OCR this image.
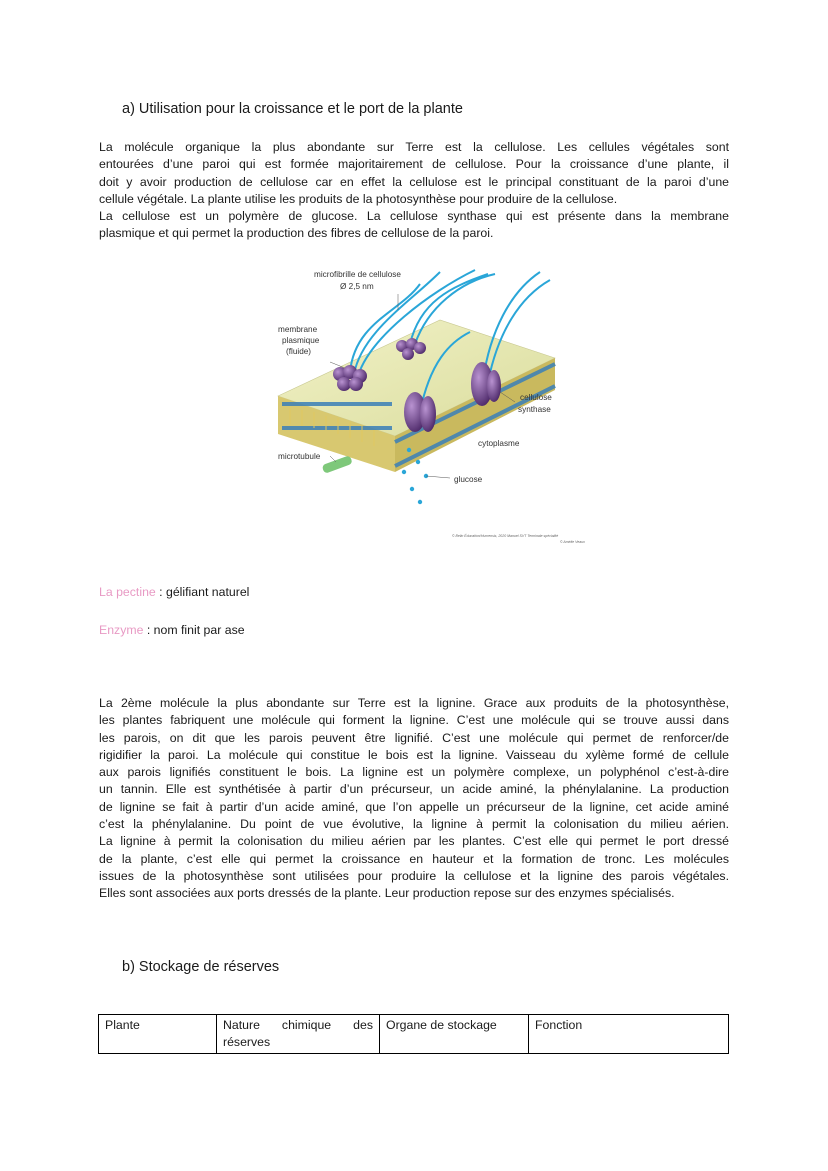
a) Utilisation pour la croissance et le port de la plante

La molécule organique la plus abondante sur Terre est la cellulose. Les cellules végétales sont
entourées d’une paroi qui est formée majoritairement de cellulose. Pour la croissance d’une plante, il
doit y avoir production de cellulose car en effet la cellulose est le principal constituant de la paroi d’une
cellule végétale. La plante utilise les produits de la photosynthèse pour produire de la cellulose.
La cellulose est un polymère de glucose. La cellulose synthase qui est présente dans la membrane
plasmique et qui permet la production des fibres de cellulose de la paroi.

microfibrille de cellulose
Ø 2,5 nm
membrane
plasmique
(fluide)
cellulose
synthase
cytoplasme
microtubule
glucose
© Belin Éducation/Humensis, 2020 Manuel SVT Terminale spécialité
© Amélie Veaux
La pectine : gélifiant naturel
Enzyme : nom finit par ase

La 2ème molécule la plus abondante sur Terre est la lignine. Grace aux produits de la photosynthèse,
les plantes fabriquent une molécule qui forment la lignine. C’est une molécule qui se trouve aussi dans
les parois, on dit que les parois peuvent être lignifié. C’est une molécule qui permet de renforcer/de
rigidifier la paroi. La molécule qui constitue le bois est la lignine. Vaisseau du xylème formé de cellule
aux parois lignifiés constituent le bois. La lignine est un polymère complexe, un polyphénol c’est-à-dire
un tannin. Elle est synthétisée à partir d’un précurseur, un acide aminé, la phénylalanine. La production
de lignine se fait à partir d’un acide aminé, que l’on appelle un précurseur de la lignine, cet acide aminé
c’est la phénylalanine. Du point de vue évolutive, la lignine à permit la colonisation du milieu aérien.
La lignine à permit la colonisation du milieu aérien par les plantes. C’est elle qui permet le port dressé
de la plante, c’est elle qui permet la croissance en hauteur et la formation de tronc. Les molécules
issues de la photosynthèse sont utilisées pour produire la cellulose et la lignine des parois végétales.
Elles sont associées aux ports dressés de la plante. Leur production repose sur des enzymes spécialisés.

b) Stockage de réserves
Plante	Nature chimique des réserves	Organe de stockage	Fonction
